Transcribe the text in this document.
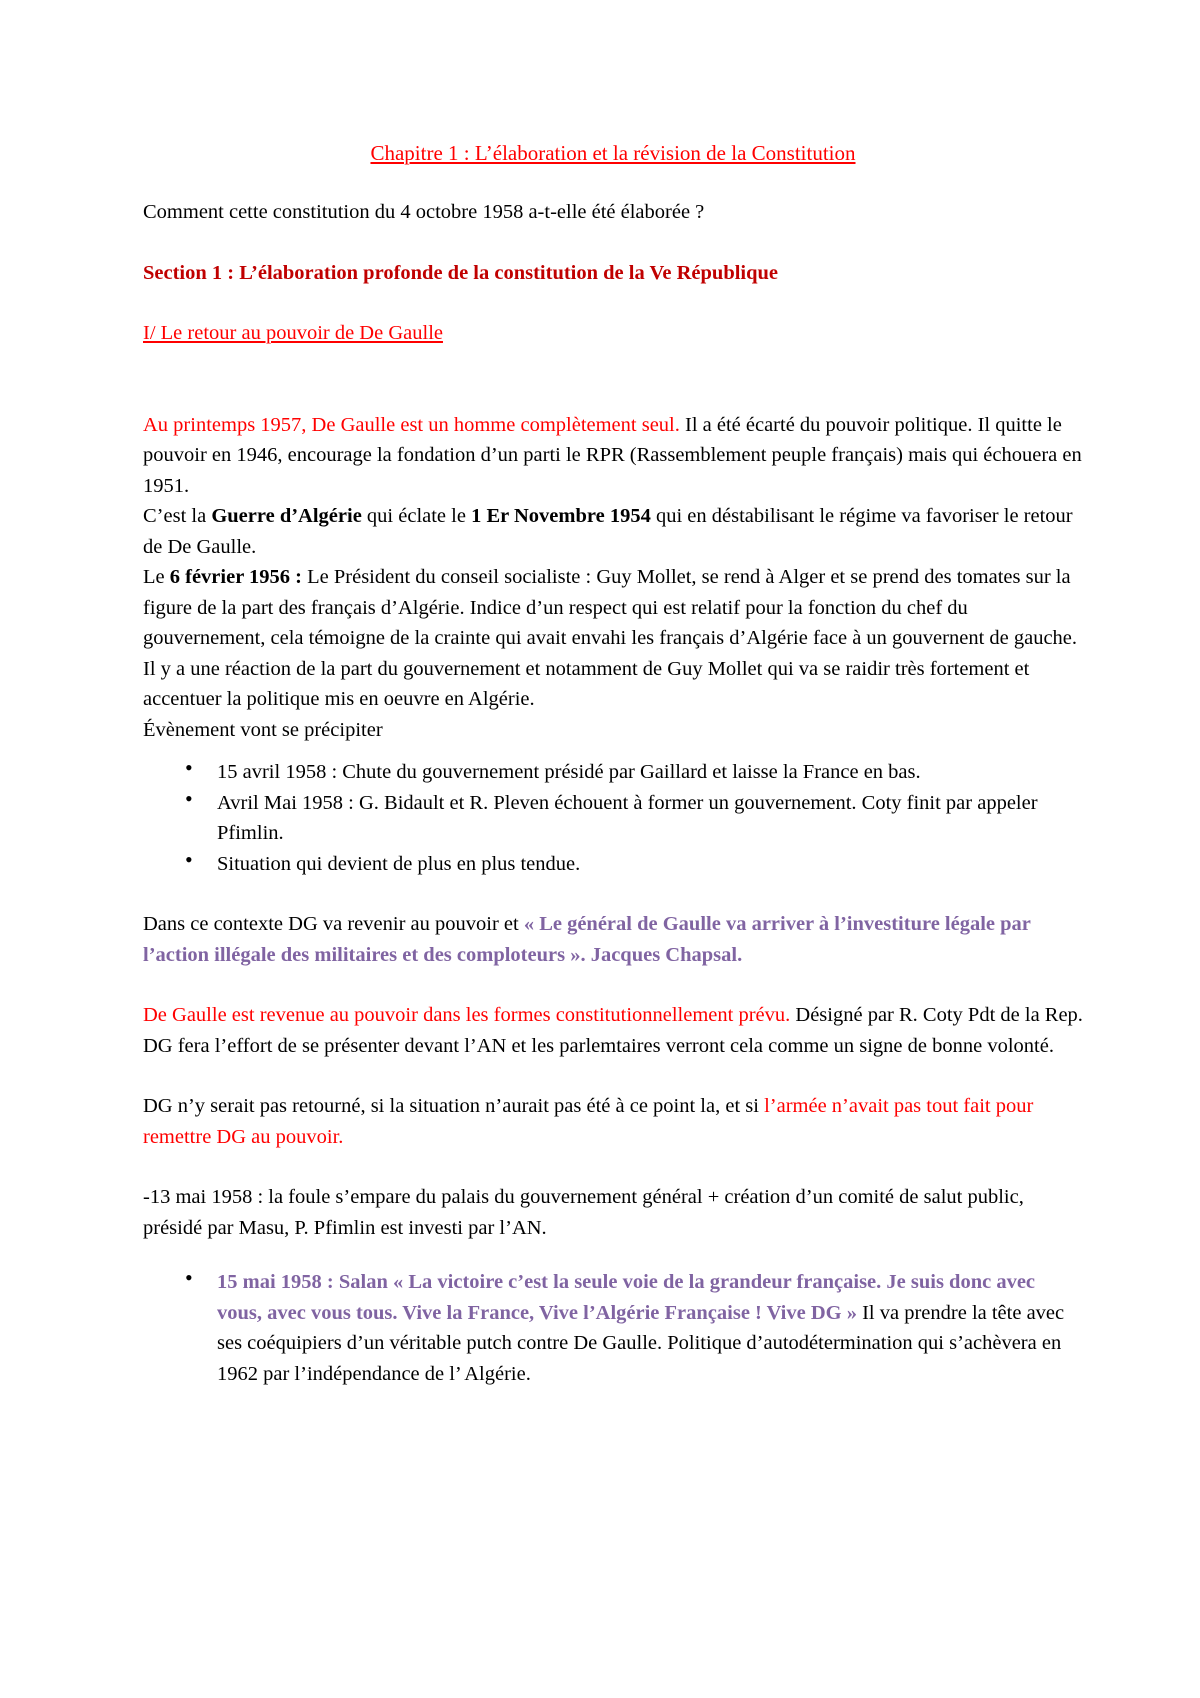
Chapitre 1 : L’élaboration et la révision de la Constitution

Comment cette constitution du 4 octobre 1958 a-t-elle été élaborée ?

Section 1 : L’élaboration profonde de la constitution de la Ve République

I/ Le retour au pouvoir de De Gaulle

Au printemps 1957, De Gaulle est un homme complètement seul. Il a été écarté du pouvoir politique. Il quitte le pouvoir en 1946, encourage la fondation d’un parti le RPR (Rassemblement peuple français) mais qui échouera en 1951.

C’est la Guerre d’Algérie qui éclate le 1 Er Novembre 1954 qui en déstabilisant le régime va favoriser le retour de De Gaulle.

Le 6 février 1956 : Le Président du conseil socialiste : Guy Mollet, se rend à Alger et se prend des tomates sur la figure de la part des français d’Algérie. Indice d’un respect qui est relatif pour la fonction du chef du gouvernement, cela témoigne de la crainte qui avait envahi les français d’Algérie face à un gouvernent de gauche. Il y a une réaction de la part du gouvernement et notamment de Guy Mollet qui va se raidir très fortement et accentuer la politique mis en oeuvre en Algérie.

Évènement vont se précipiter

• 15 avril 1958 : Chute du gouvernement présidé par Gaillard et laisse la France en bas.
• Avril Mai 1958 : G. Bidault et R. Pleven échouent à former un gouvernement. Coty finit par appeler Pfimlin.
• Situation qui devient de plus en plus tendue.

Dans ce contexte DG va revenir au pouvoir et « Le général de Gaulle va arriver à l’investiture légale par l’action illégale des militaires et des comploteurs ». Jacques Chapsal.

De Gaulle est revenue au pouvoir dans les formes constitutionnellement prévu. Désigné par R. Coty Pdt de la Rep. DG fera l’effort de se présenter devant l’AN et les parlemtaires verront cela comme un signe de bonne volonté.

DG n’y serait pas retourné, si la situation n’aurait pas été à ce point la, et si l’armée n’avait pas tout fait pour remettre DG au pouvoir.

-13 mai 1958 : la foule s’empare du palais du gouvernement général + création d’un comité de salut public, présidé par Masu, P. Pfimlin est investi par l’AN.

• 15 mai 1958 : Salan « La victoire c’est la seule voie de la grandeur française. Je suis donc avec vous, avec vous tous. Vive la France, Vive l’Algérie Française ! Vive DG » Il va prendre la tête avec ses coéquipiers d’un véritable putch contre De Gaulle. Politique d’autodétermination qui s’achèvera en 1962 par l’indépendance de l’ Algérie.
